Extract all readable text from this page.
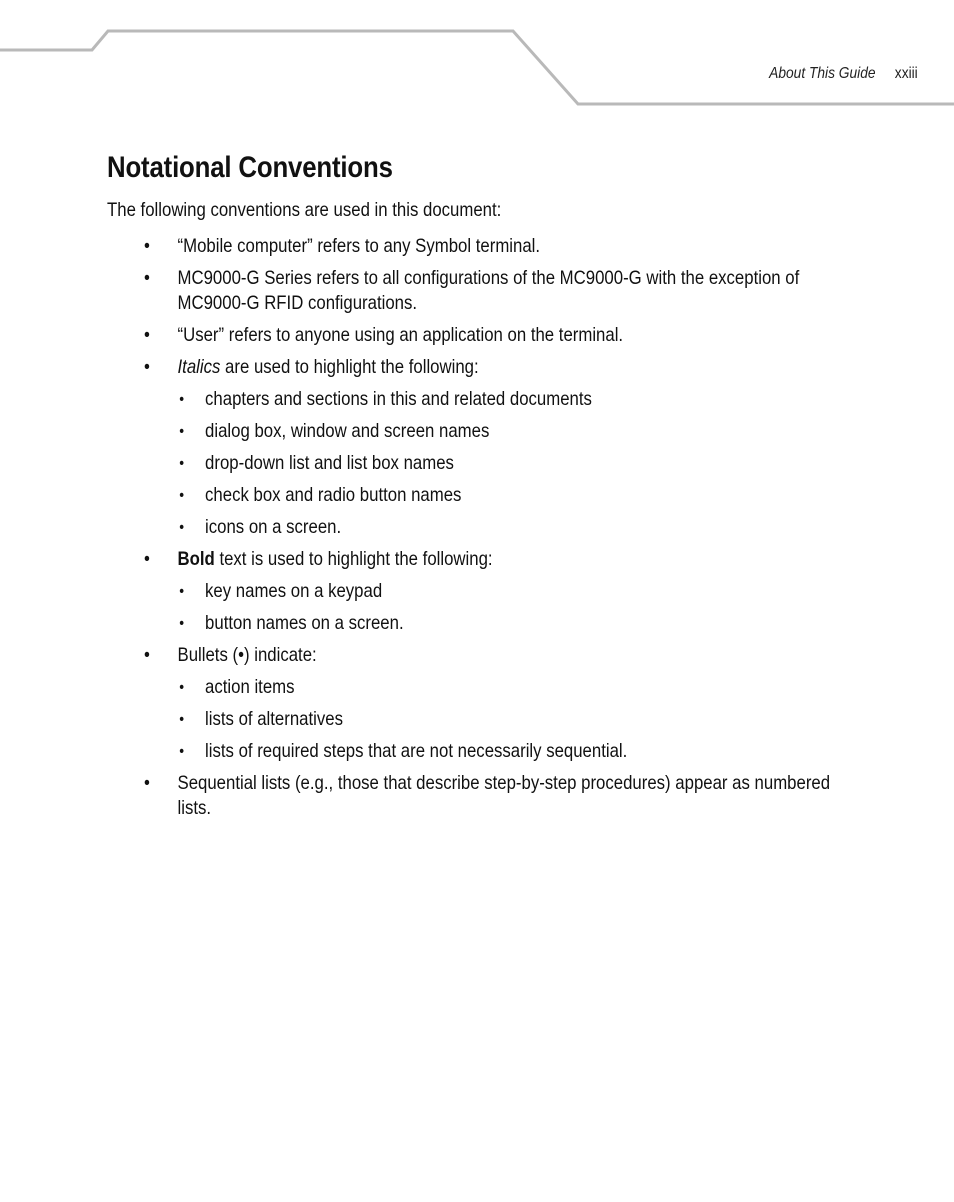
About This Guide xxiii
Notational Conventions

The following conventions are used in this document:

• “Mobile computer” refers to any Symbol terminal.
• MC9000-G Series refers to all configurations of the MC9000-G with the exception of MC9000-G RFID configurations.
• “User” refers to anyone using an application on the terminal.
• Italics are used to highlight the following:
• chapters and sections in this and related documents
• dialog box, window and screen names
• drop-down list and list box names
• check box and radio button names
• icons on a screen.
• Bold text is used to highlight the following:
• key names on a keypad
• button names on a screen.
• Bullets (•) indicate:
• action items
• lists of alternatives
• lists of required steps that are not necessarily sequential.
• Sequential lists (e.g., those that describe step-by-step procedures) appear as numbered lists.
